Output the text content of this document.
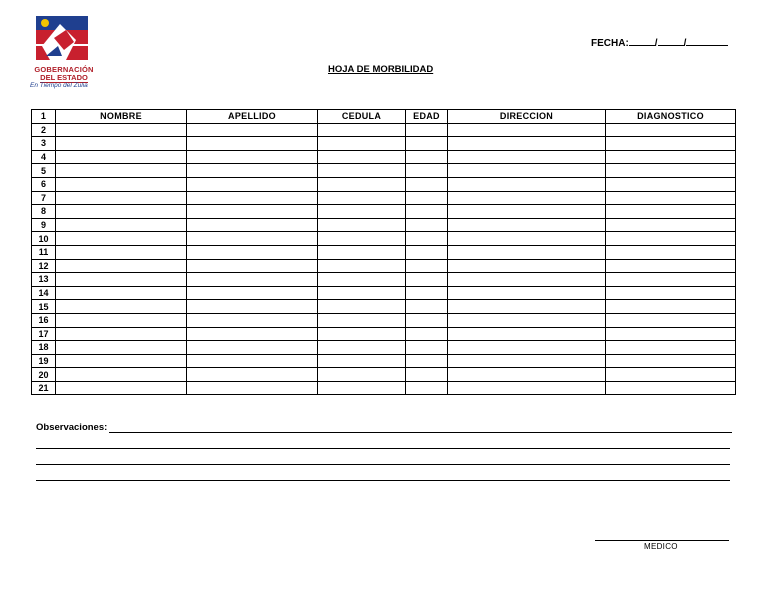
GOBERNACIÓN
DEL ESTADO
En Tiempo del Zulia
FECHA:	/	/
HOJA DE MORBILIDAD
1	NOMBRE	APELLIDO	CEDULA	EDAD	DIRECCION	DIAGNOSTICO
2						
3						
4						
5						
6						
7						
8						
9						
10						
11						
12						
13						
14						
15						
16						
17						
18						
19						
20						
21						
Observaciones:
MEDICO
